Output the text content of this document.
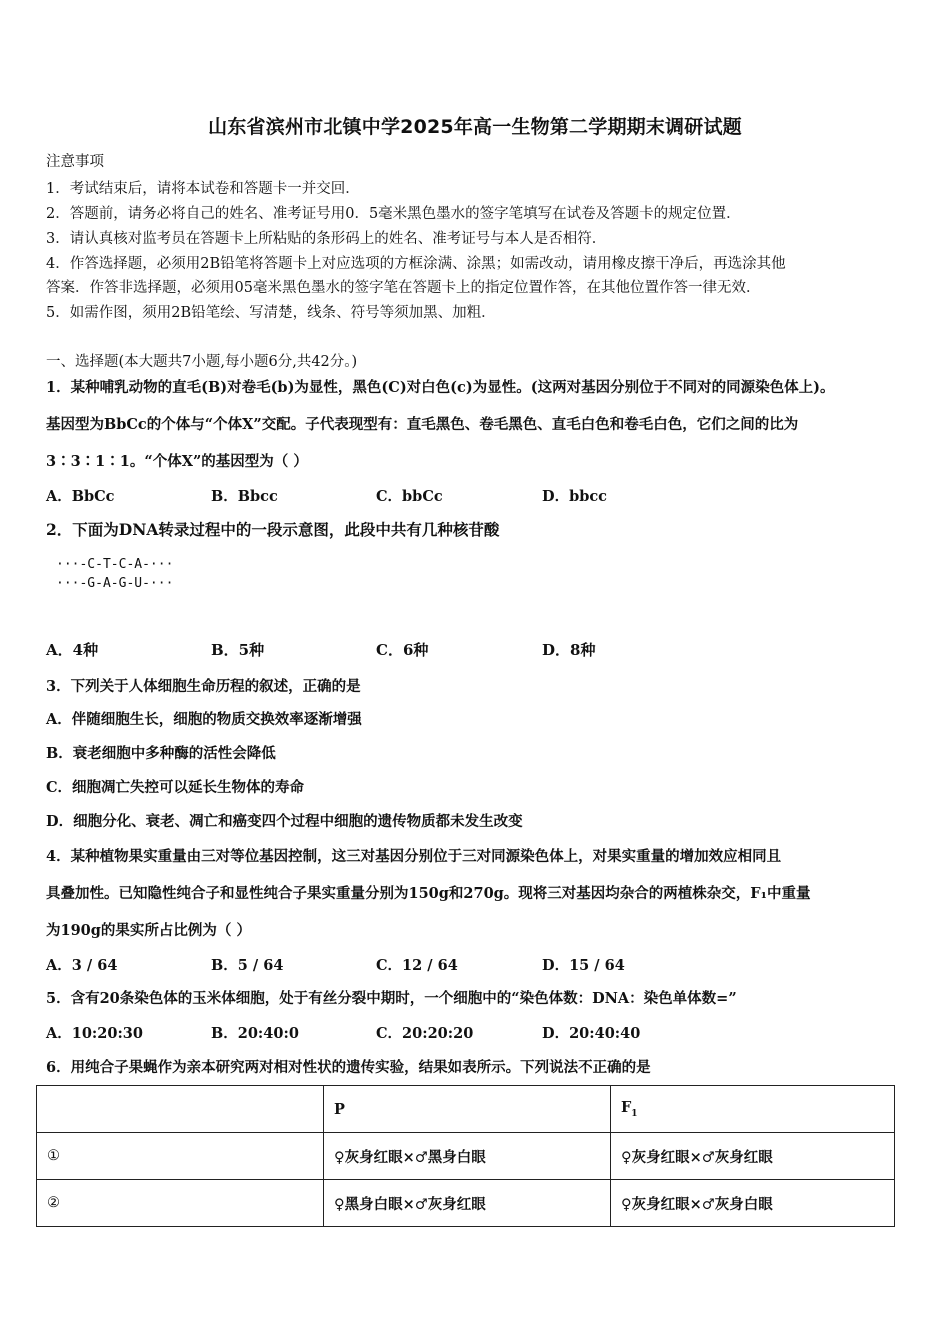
山东省滨州市北镇中学2025年高一生物第二学期期末调研试题
注意事项
1．考试结束后，请将本试卷和答题卡一并交回．
2．答题前，请务必将自己的姓名、准考证号用0．5毫米黑色墨水的签字笔填写在试卷及答题卡的规定位置．
3．请认真核对监考员在答题卡上所粘贴的条形码上的姓名、准考证号与本人是否相符．
4．作答选择题，必须用2B铅笔将答题卡上对应选项的方框涂满、涂黑；如需改动，请用橡皮擦干净后，再选涂其他
答案．作答非选择题，必须用05毫米黑色墨水的签字笔在答题卡上的指定位置作答，在其他位置作答一律无效．
5．如需作图，须用2B铅笔绘、写清楚，线条、符号等须加黑、加粗．
一、选择题(本大题共7小题,每小题6分,共42分。)
1．某种哺乳动物的直毛(B)对卷毛(b)为显性，黑色(C)对白色(c)为显性。(这两对基因分别位于不同对的同源染色体上)。
基因型为BbCc的个体与“个体X”交配。子代表现型有：直毛黑色、卷毛黑色、直毛白色和卷毛白色，它们之间的比为
3∶3∶1∶1。“个体X”的基因型为（ ）
A．BbCc	B．Bbcc	C．bbCc	D．bbcc
2．下面为DNA转录过程中的一段示意图，此段中共有几种核苷酸
···-C-T-C-A-···
···-G-A-G-U-···
A．4种	B．5种	C．6种	D．8种
3．下列关于人体细胞生命历程的叙述，正确的是
A．伴随细胞生长，细胞的物质交换效率逐渐增强
B．衰老细胞中多种酶的活性会降低
C．细胞凋亡失控可以延长生物体的寿命
D．细胞分化、衰老、凋亡和癌变四个过程中细胞的遗传物质都未发生改变
4．某种植物果实重量由三对等位基因控制，这三对基因分别位于三对同源染色体上，对果实重量的增加效应相同且
具叠加性。已知隐性纯合子和显性纯合子果实重量分别为150g和270g。现将三对基因均杂合的两植株杂交，F₁中重量
为190g的果实所占比例为（ ）
A．3 / 64	B．5 / 64	C．12 / 64	D．15 / 64
5．含有20条染色体的玉米体细胞，处于有丝分裂中期时，一个细胞中的“染色体数：DNA：染色单体数=”
A．10:20:30	B．20:40:0	C．20:20:20	D．20:40:40
6．用纯合子果蝇作为亲本研究两对相对性状的遗传实验，结果如表所示。下列说法不正确的是
	P	$F_1$
①	♀灰身红眼×♂黑身白眼	♀灰身红眼×♂灰身红眼
②	♀黑身白眼×♂灰身红眼	♀灰身红眼×♂灰身白眼
